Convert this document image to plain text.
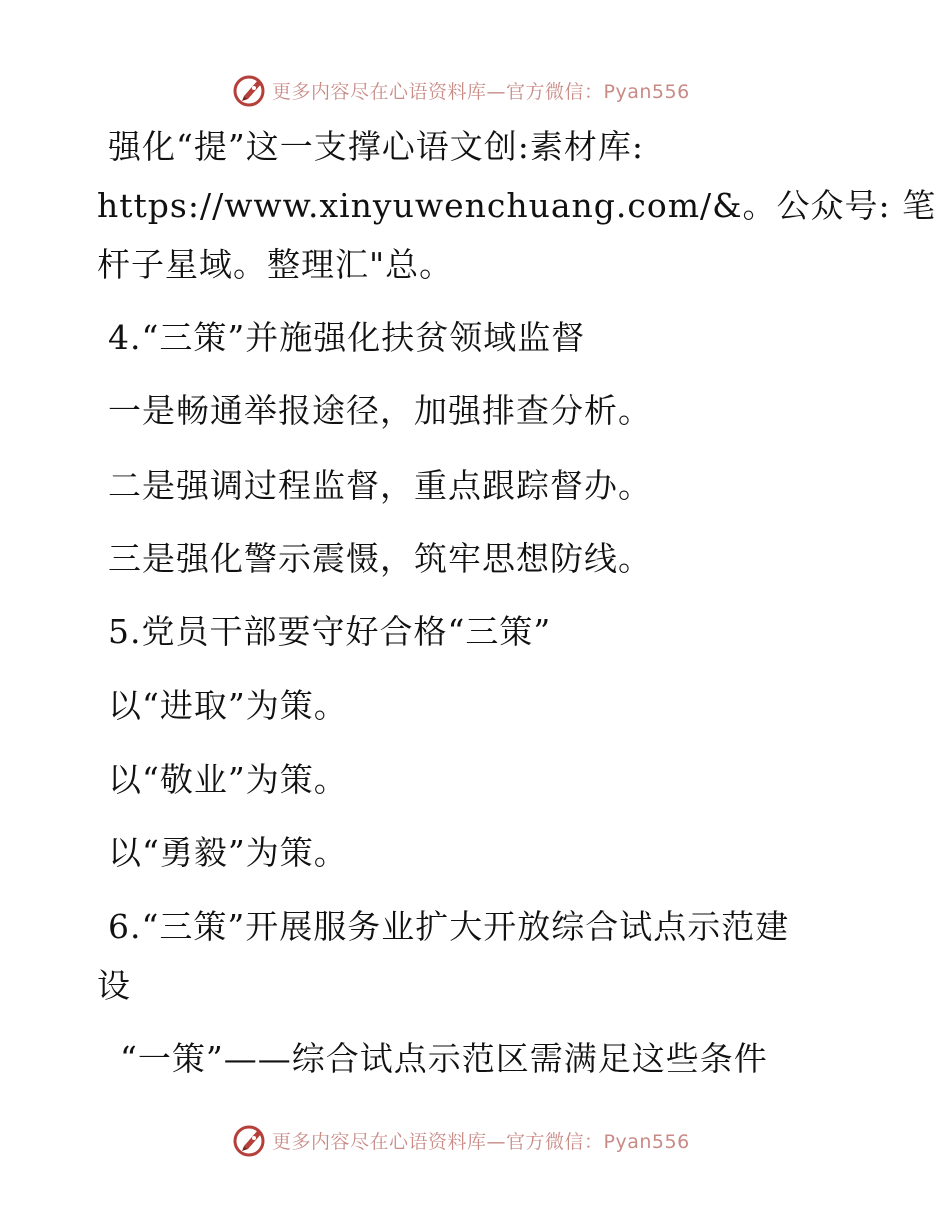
更多内容尽在心语资料库—官方微信：Pyan556
强化“提”这一支撑心语文创:素材库:
https://www.xinyuwenchuang.com/&。公众号: 笔
杆子星域。整理汇"总。
4.“三策”并施强化扶贫领域监督
一是畅通举报途径，加强排查分析。
二是强调过程监督，重点跟踪督办。
三是强化警示震慑，筑牢思想防线。
5.党员干部要守好合格“三策”
以“进取”为策。
以“敬业”为策。
以“勇毅”为策。
6.“三策”开展服务业扩大开放综合试点示范建
设
“一策”——综合试点示范区需满足这些条件
更多内容尽在心语资料库—官方微信：Pyan556
